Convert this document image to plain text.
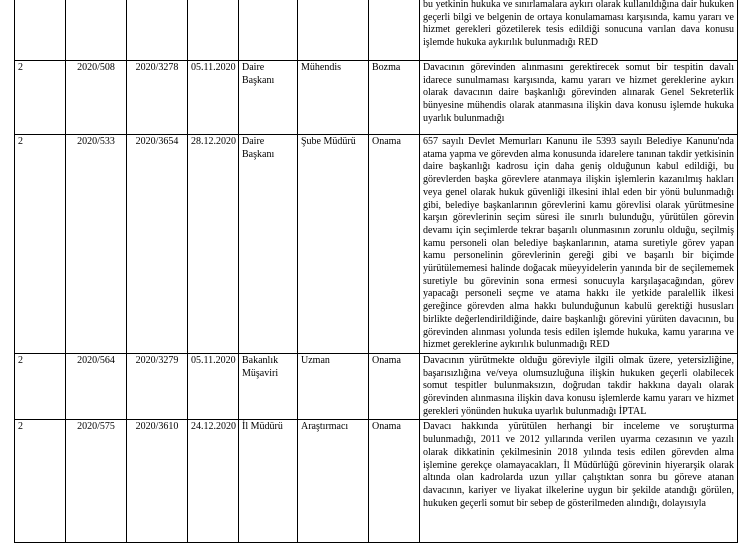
							bu yetkinin hukuka ve sınırlamalara aykırı olarak kullanıldığına dair hukuken geçerli bilgi ve belgenin de ortaya konulamaması karşısında, kamu yararı ve hizmet gerekleri gözetilerek tesis edildiği sonucuna varılan dava konusu işlemde hukuka aykırılık bulunmadığı RED
2	2020/508	2020/3278	05.11.2020	Daire Başkanı	Mühendis	Bozma	Davacının görevinden alınmasını gerektirecek somut bir tespitin davalı idarece sunulmaması karşısında, kamu yararı ve hizmet gereklerine aykırı olarak davacının daire başkanlığı görevinden alınarak Genel Sekreterlik bünyesine mühendis olarak atanmasına ilişkin dava konusu işlemde hukuka uyarlık bulunmadığı
2	2020/533	2020/3654	28.12.2020	Daire Başkanı	Şube Müdürü	Onama	657 sayılı Devlet Memurları Kanunu ile 5393 sayılı Belediye Kanunu'nda atama yapma ve görevden alma konusunda idarelere tanınan takdir yetkisinin daire başkanlığı kadrosu için daha geniş olduğunun kabul edildiği, bu görevlerden başka görevlere atanmaya ilişkin işlemlerin kazanılmış hakları veya genel olarak hukuk güvenliği ilkesini ihlal eden bir yönü bulunmadığı gibi, belediye başkanlarının görevlerini kamu görevlisi olarak yürütmesine karşın görevlerinin seçim süresi ile sınırlı bulunduğu, yürütülen görevin devamı için seçimlerde tekrar başarılı olunmasının zorunlu olduğu, seçilmiş kamu personeli olan belediye başkanlarının, atama suretiyle görev yapan kamu personelinin görevlerinin gereği gibi ve başarılı bir biçimde yürütülememesi halinde doğacak müeyyidelerin yanında bir de seçilememek suretiyle bu görevinin sona ermesi sonucuyla karşılaşacağından, görev yapacağı personeli seçme ve atama hakkı ile yetkide paralellik ilkesi gereğince görevden alma hakkı bulunduğunun kabulü gerektiği hususları birlikte değerlendirildiğinde, daire başkanlığı görevini yürüten davacının, bu görevinden alınması yolunda tesis edilen işlemde hukuka, kamu yararına ve hizmet gereklerine aykırılık bulunmadığı RED
2	2020/564	2020/3279	05.11.2020	Bakanlık Müşaviri	Uzman	Onama	Davacının yürütmekte olduğu göreviyle ilgili olmak üzere, yetersizliğine, başarısızlığına ve/veya olumsuzluğuna ilişkin hukuken geçerli olabilecek somut tespitler bulunmaksızın, doğrudan takdir hakkına dayalı olarak görevinden alınmasına ilişkin dava konusu işlemlerde kamu yararı ve hizmet gerekleri yönünden hukuka uyarlık bulunmadığı İPTAL
2	2020/575	2020/3610	24.12.2020	İl Müdürü	Araştırmacı	Onama	Davacı hakkında yürütülen herhangi bir inceleme ve soruşturma bulunmadığı, 2011 ve 2012 yıllarında verilen uyarma cezasının ve yazılı olarak dikkatinin çekilmesinin 2018 yılında tesis edilen görevden alma işlemine gerekçe olamayacakları, İl Müdürlüğü görevinin hiyerarşik olarak altında olan kadrolarda uzun yıllar çalıştıktan sonra bu göreve atanan davacının, kariyer ve liyakat ilkelerine uygun bir şekilde atandığı görülen, hukuken geçerli somut bir sebep de gösterilmeden alındığı, dolayısıyla
